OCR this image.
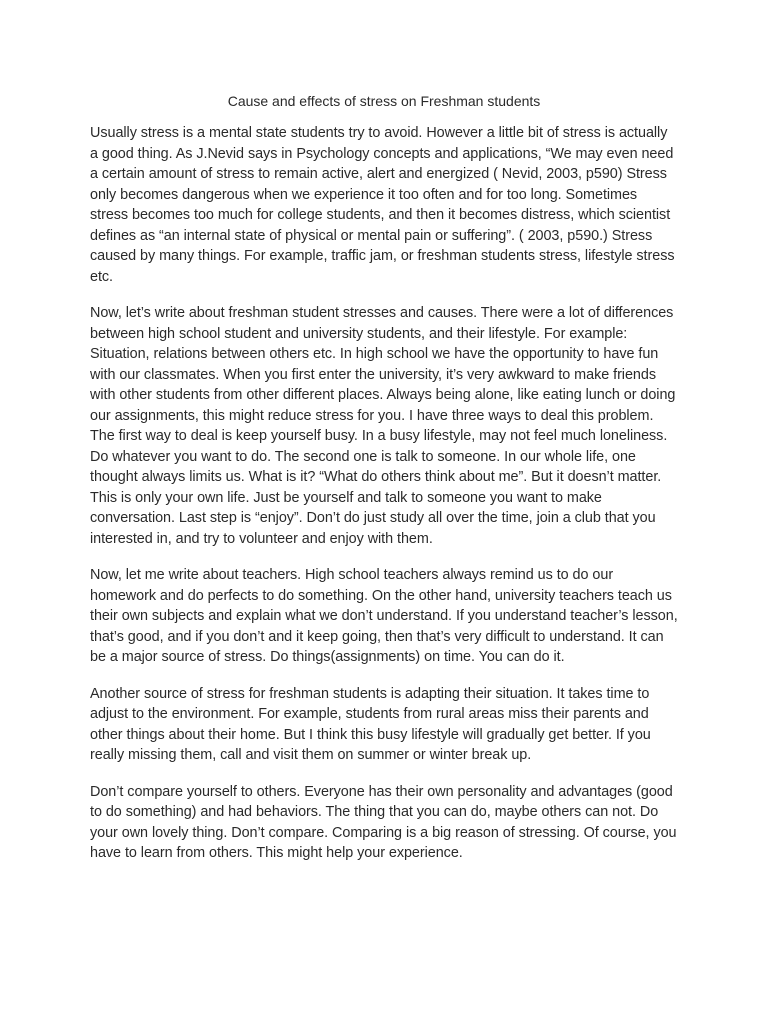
Cause and effects of stress on Freshman students

Usually stress is a mental state students try to avoid. However a little bit of stress is actually a good thing. As J.Nevid says in Psychology concepts and applications, “We may even need a certain amount of stress to remain active, alert and energized ( Nevid, 2003, p590) Stress only becomes dangerous when we experience it too often and for too long. Sometimes stress becomes too much for college students, and then it becomes distress, which scientist defines as “an internal state of physical or mental pain or suffering”. ( 2003, p590.) Stress caused by many things. For example, traffic jam, or freshman students stress, lifestyle stress etc.

Now, let’s write about freshman student stresses and causes. There were a lot of differences between high school student and university students, and their lifestyle. For example: Situation, relations between others etc. In high school we have the opportunity to have fun with our classmates. When you first enter the university, it’s very awkward to make friends with other students from other different places. Always being alone, like eating lunch or doing our assignments, this might reduce stress for you. I have three ways to deal this problem. The first way to deal is keep yourself busy. In a busy lifestyle, may not feel much loneliness. Do whatever you want to do. The second one is talk to someone. In our whole life, one thought always limits us. What is it? “What do others think about me”. But it doesn’t matter. This is only your own life. Just be yourself and talk to someone you want to make conversation. Last step is “enjoy”. Don’t do just study all over the time, join a club that you interested in, and try to volunteer and enjoy with them.

Now, let me write about teachers. High school teachers always remind us to do our homework and do perfects to do something. On the other hand, university teachers teach us their own subjects and explain what we don’t understand. If you understand teacher’s lesson, that’s good, and if you don’t and it keep going, then that’s very difficult to understand. It can be a major source of stress. Do things(assignments) on time. You can do it.

Another source of stress for freshman students is adapting their situation. It takes time to adjust to the environment. For example, students from rural areas miss their parents and other things about their home. But I think this busy lifestyle will gradually get better. If you really missing them, call and visit them on summer or winter break up.

Don’t compare yourself to others. Everyone has their own personality and advantages (good to do something) and had behaviors. The thing that you can do, maybe others can not. Do your own lovely thing. Don’t compare. Comparing is a big reason of stressing. Of course, you have to learn from others. This might help your experience.
